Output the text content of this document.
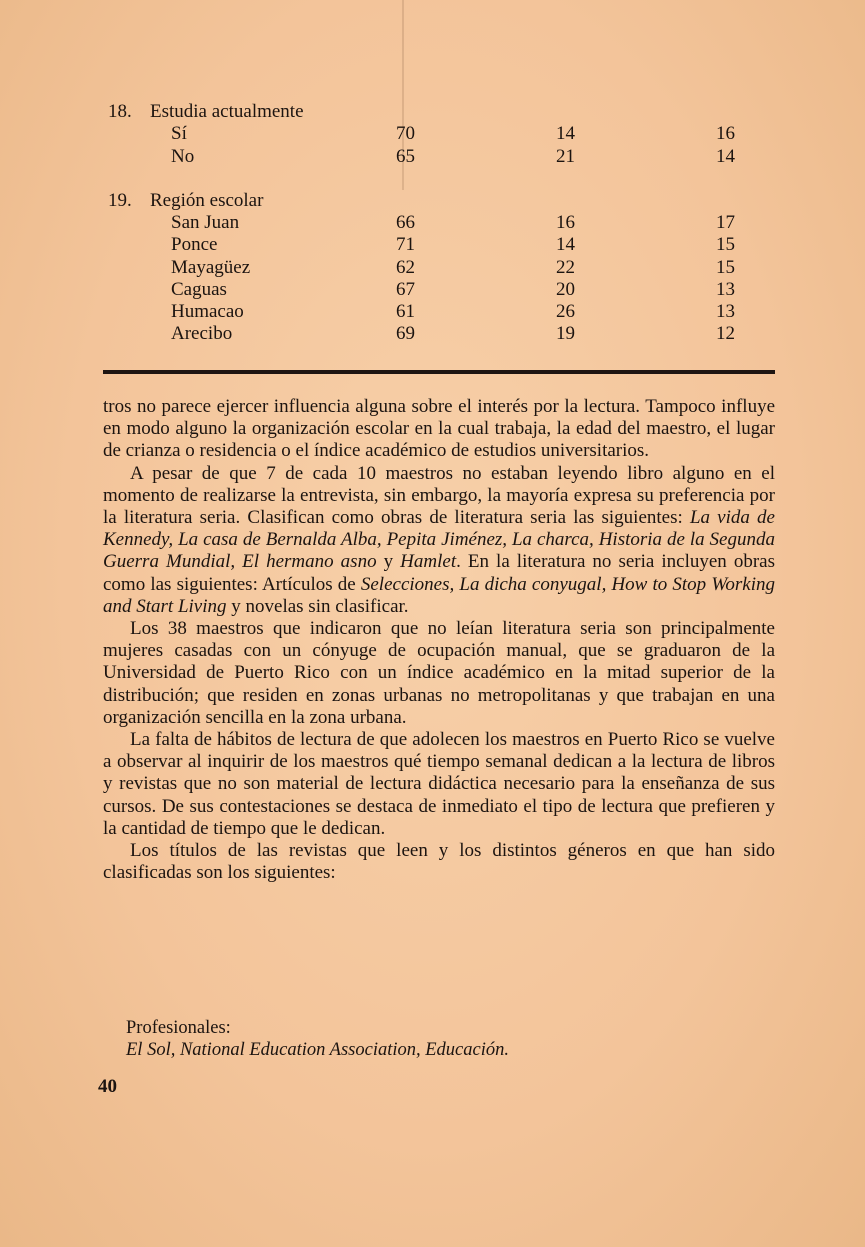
18. Estudia actualmente
Sí	70	14	16
No	65	21	14
19. Región escolar
San Juan	66	16	17
Ponce	71	14	15
Mayagüez	62	22	15
Caguas	67	20	13
Humacao	61	26	13
Arecibo	69	19	12

tros no parece ejercer influencia alguna sobre el interés por la lectura. Tampoco influye en modo alguno la organización escolar en la cual trabaja, la edad del maestro, el lugar de crianza o residencia o el índice académico de estudios universitarios.

A pesar de que 7 de cada 10 maestros no estaban leyendo libro alguno en el momento de realizarse la entrevista, sin embargo, la mayoría expresa su preferencia por la literatura seria. Clasifican como obras de literatura seria las siguientes: La vida de Kennedy, La casa de Bernalda Alba, Pepita Jiménez, La charca, Historia de la Segunda Guerra Mundial, El hermano asno y Hamlet. En la literatura no seria incluyen obras como las siguientes: Artículos de Selecciones, La dicha conyugal, How to Stop Working and Start Living y novelas sin clasificar.

Los 38 maestros que indicaron que no leían literatura seria son principalmente mujeres casadas con un cónyuge de ocupación manual, que se graduaron de la Universidad de Puerto Rico con un índice académico en la mitad superior de la distribución; que residen en zonas urbanas no metropolitanas y que trabajan en una organización sencilla en la zona urbana.

La falta de hábitos de lectura de que adolecen los maestros en Puerto Rico se vuelve a observar al inquirir de los maestros qué tiempo semanal dedican a la lectura de libros y revistas que no son material de lectura didáctica necesario para la enseñanza de sus cursos. De sus contestaciones se destaca de inmediato el tipo de lectura que prefieren y la cantidad de tiempo que le dedican.

Los títulos de las revistas que leen y los distintos géneros en que han sido clasificadas son los siguientes:

Profesionales:
El Sol, National Education Association, Educación.
40
